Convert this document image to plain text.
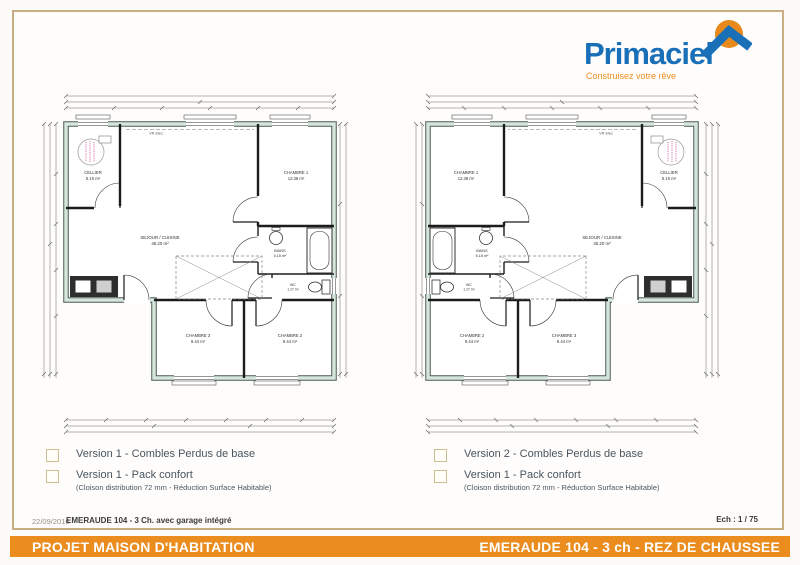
Primaciel
Construisez votre rêve
VR Elec
CELLIER
5.10 m²
CHAMBRE 1
12.38 m²
SEJOUR / CUISINE
45.20 m²
BAINS
5.15 m²
WC
1.27 m²
CHAMBRE 3
9.44 m²
CHAMBRE 2
9.44 m²
VR Elec
CELLIER
5.10 m²
CHAMBRE 1
12.38 m²
SEJOUR / CUISINE
45.20 m²
BAINS
5.15 m²
WC
1.27 m²
CHAMBRE 2
9.44 m²
CHAMBRE 3
9.44 m²
Version 1 - Combles Perdus de base
Version 1 - Pack confort
(Cloison distribution 72 mm - Réduction Surface Habitable)
Version 2 - Combles Perdus de base
Version 1 - Pack confort
(Cloison distribution 72 mm - Réduction Surface Habitable)
22/09/2016
EMERAUDE 104 - 3 Ch. avec garage intégré	Ech : 1 / 75
PROJET MAISON D'HABITATION	EMERAUDE 104 - 3 ch - REZ DE CHAUSSEE
